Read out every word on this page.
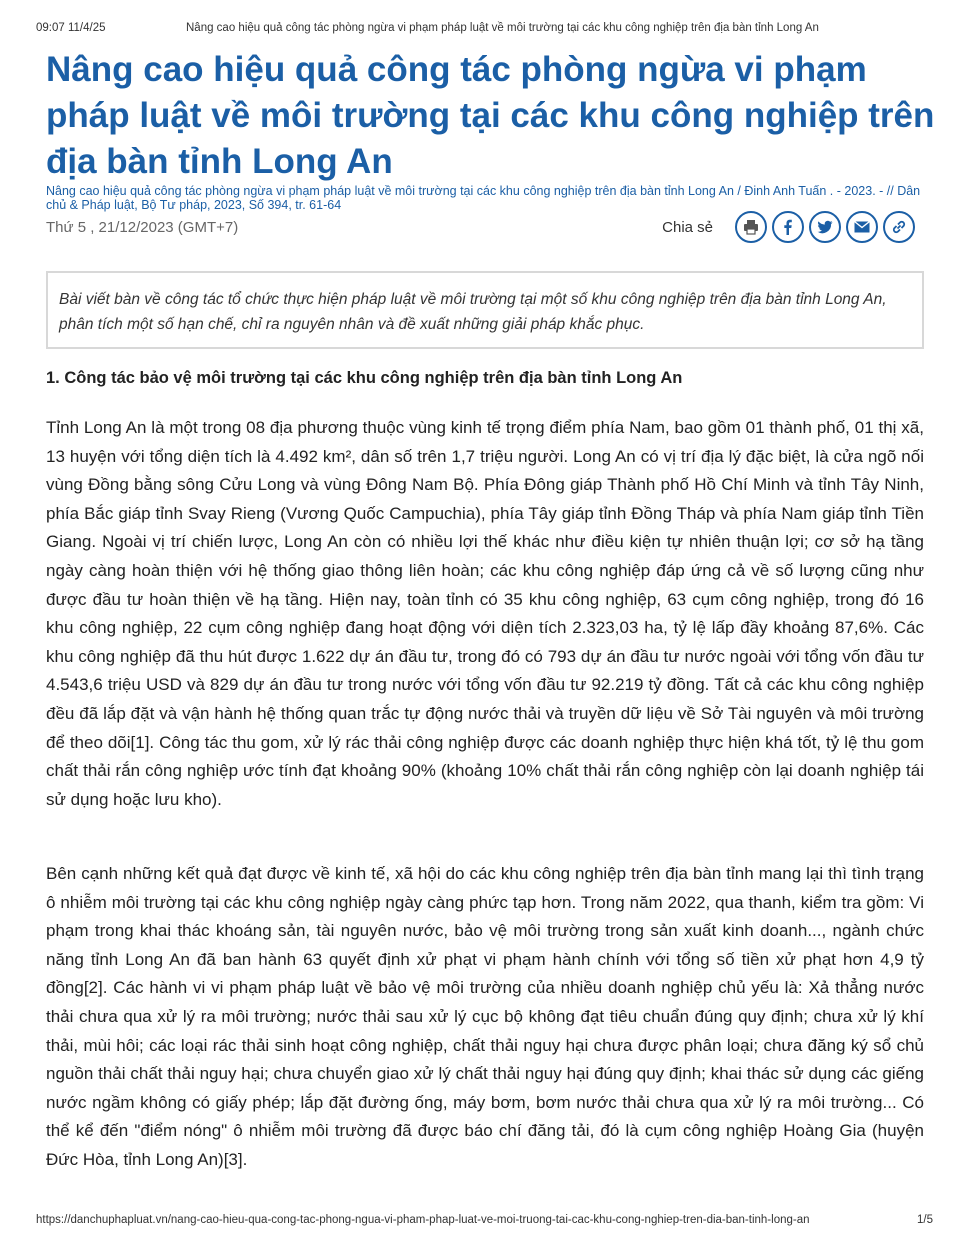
09:07 11/4/25	Nâng cao hiệu quả công tác phòng ngừa vi phạm pháp luật về môi trường tại các khu công nghiệp trên địa bàn tỉnh Long An
Nâng cao hiệu quả công tác phòng ngừa vi phạm pháp luật về môi trường tại các khu công nghiệp trên địa bàn tỉnh Long An
Nâng cao hiệu quả công tác phòng ngừa vi phạm pháp luật về môi trường tại các khu công nghiệp trên địa bàn tỉnh Long An / Đinh Anh Tuấn . - 2023. - // Dân chủ & Pháp luật, Bộ Tư pháp, 2023, Số 394, tr. 61-64
Thứ 5 , 21/12/2023 (GMT+7)	Chia sẻ
Bài viết bàn về công tác tổ chức thực hiện pháp luật về môi trường tại một số khu công nghiệp trên địa bàn tỉnh Long An, phân tích một số hạn chế, chỉ ra nguyên nhân và đề xuất những giải pháp khắc phục.
1. Công tác bảo vệ môi trường tại các khu công nghiệp trên địa bàn tỉnh Long An

Tỉnh Long An là một trong 08 địa phương thuộc vùng kinh tế trọng điểm phía Nam, bao gồm 01 thành phố, 01 thị xã, 13 huyện với tổng diện tích là 4.492 km², dân số trên 1,7 triệu người. Long An có vị trí địa lý đặc biệt, là cửa ngõ nối vùng Đồng bằng sông Cửu Long và vùng Đông Nam Bộ. Phía Đông giáp Thành phố Hồ Chí Minh và tỉnh Tây Ninh, phía Bắc giáp tỉnh Svay Rieng (Vương Quốc Campuchia), phía Tây giáp tỉnh Đồng Tháp và phía Nam giáp tỉnh Tiền Giang. Ngoài vị trí chiến lược, Long An còn có nhiều lợi thế khác như điều kiện tự nhiên thuận lợi; cơ sở hạ tầng ngày càng hoàn thiện với hệ thống giao thông liên hoàn; các khu công nghiệp đáp ứng cả về số lượng cũng như được đầu tư hoàn thiện về hạ tầng. Hiện nay, toàn tỉnh có 35 khu công nghiệp, 63 cụm công nghiệp, trong đó 16 khu công nghiệp, 22 cụm công nghiệp đang hoạt động với diện tích 2.323,03 ha, tỷ lệ lấp đầy khoảng 87,6%. Các khu công nghiệp đã thu hút được 1.622 dự án đầu tư, trong đó có 793 dự án đầu tư nước ngoài với tổng vốn đầu tư 4.543,6 triệu USD và 829 dự án đầu tư trong nước với tổng vốn đầu tư 92.219 tỷ đồng. Tất cả các khu công nghiệp đều đã lắp đặt và vận hành hệ thống quan trắc tự động nước thải và truyền dữ liệu về Sở Tài nguyên và môi trường để theo dõi[1]. Công tác thu gom, xử lý rác thải công nghiệp được các doanh nghiệp thực hiện khá tốt, tỷ lệ thu gom chất thải rắn công nghiệp ước tính đạt khoảng 90% (khoảng 10% chất thải rắn công nghiệp còn lại doanh nghiệp tái sử dụng hoặc lưu kho).

Bên cạnh những kết quả đạt được về kinh tế, xã hội do các khu công nghiệp trên địa bàn tỉnh mang lại thì tình trạng ô nhiễm môi trường tại các khu công nghiệp ngày càng phức tạp hơn. Trong năm 2022, qua thanh, kiểm tra gồm: Vi phạm trong khai thác khoáng sản, tài nguyên nước, bảo vệ môi trường trong sản xuất kinh doanh..., ngành chức năng tỉnh Long An đã ban hành 63 quyết định xử phạt vi phạm hành chính với tổng số tiền xử phạt hơn 4,9 tỷ đồng[2]. Các hành vi vi phạm pháp luật về bảo vệ môi trường của nhiều doanh nghiệp chủ yếu là: Xả thẳng nước thải chưa qua xử lý ra môi trường; nước thải sau xử lý cục bộ không đạt tiêu chuẩn đúng quy định; chưa xử lý khí thải, mùi hôi; các loại rác thải sinh hoạt công nghiệp, chất thải nguy hại chưa được phân loại; chưa đăng ký sổ chủ nguồn thải chất thải nguy hại; chưa chuyển giao xử lý chất thải nguy hại đúng quy định; khai thác sử dụng các giếng nước ngầm không có giấy phép; lắp đặt đường ống, máy bơm, bơm nước thải chưa qua xử lý ra môi trường... Có thể kể đến "điểm nóng" ô nhiễm môi trường đã được báo chí đăng tải, đó là cụm công nghiệp Hoàng Gia (huyện Đức Hòa, tỉnh Long An)[3].

https://danchuphapluat.vn/nang-cao-hieu-qua-cong-tac-phong-ngua-vi-pham-phap-luat-ve-moi-truong-tai-cac-khu-cong-nghiep-tren-dia-ban-tinh-long-an	1/5
